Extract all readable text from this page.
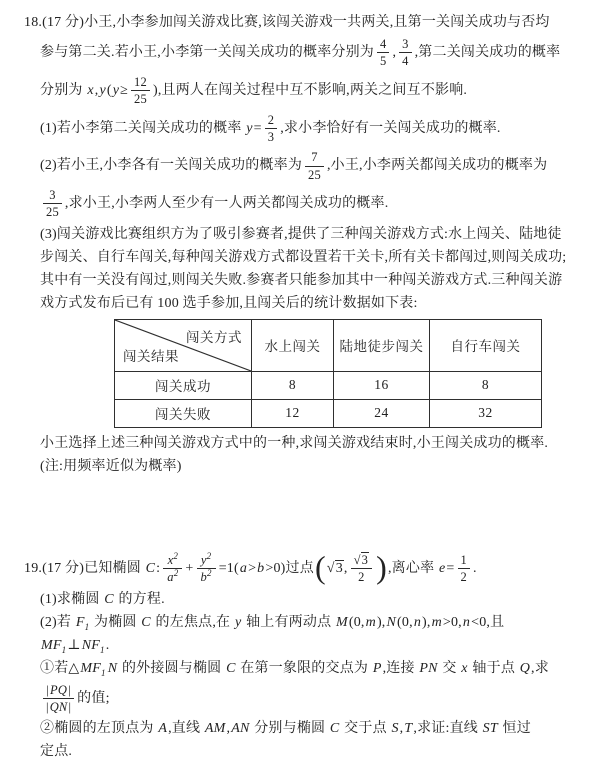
18.(17 分)小王,小李参加闯关游戏比赛,该闯关游戏一共两关,且第一关闯关成功与否均
参与第二关.若小王,小李第一关闯关成功的概率分别为 $\frac{4}{5}$ , $\frac{3}{4}$ ,第二关闯关成功的概率
分别为 $x,y(y\ge \frac{12}{25}$ ),且两人在闯关过程中互不影响,两关之间互不影响.
(1)若小李第二关闯关成功的概率 $y= \frac{2}{3}$ ,求小李恰好有一关闯关成功的概率.
(2)若小王,小李各有一关闯关成功的概率为 $\frac{7}{25}$ ,小王,小李两关都闯关成功的概率为
$\frac{3}{25}$ ,求小王,小李两人至少有一人两关都闯关成功的概率.
(3)闯关游戏比赛组织方为了吸引参赛者,提供了三种闯关游戏方式:水上闯关、陆地徒
步闯关、自行车闯关,每种闯关游戏方式都设置若干关卡,所有关卡都闯过,则闯关成功;
其中有一关没有闯过,则闯关失败.参赛者只能参加其中一种闯关游戏方式.三种闯关游
戏方式发布后已有 100 选手参加,且闯关后的统计数据如下表:
闯关方式
闯关结果	水上闯关	陆地徒步闯关	自行车闯关
闯关成功	8	16	8
闯关失败	12	24	32
小王选择上述三种闯关游戏方式中的一种,求闯关游戏结束时,小王闯关成功的概率.
(注:用频率近似为概率)
19.(17 分)已知椭圆 C: $\frac{x^2}{a^2} + \frac{y^2}{b^2} =1(a>b>0)$过点(√3, $\frac{√3}{2}$ ),离心率 $e= \frac{1}{2}$ .
(1)求椭圆 C 的方程.
(2)若 $F_1$ 为椭圆 C 的左焦点,在 y 轴上有两动点 M(0,m),N(0,n),m>0,n<0,且
$MF_1\perp NF_1$.
①若$\triangle MF_1$ N 的外接圆与椭圆 C 在第一象限的交点为 P,连接 PN 交 x 轴于点 Q,求
$\frac{|PQ|}{|QN|}$ 的值;
②椭圆的左顶点为 A,直线 AM,AN 分别与椭圆 C 交于点 S,T,求证:直线 ST 恒过
定点.
